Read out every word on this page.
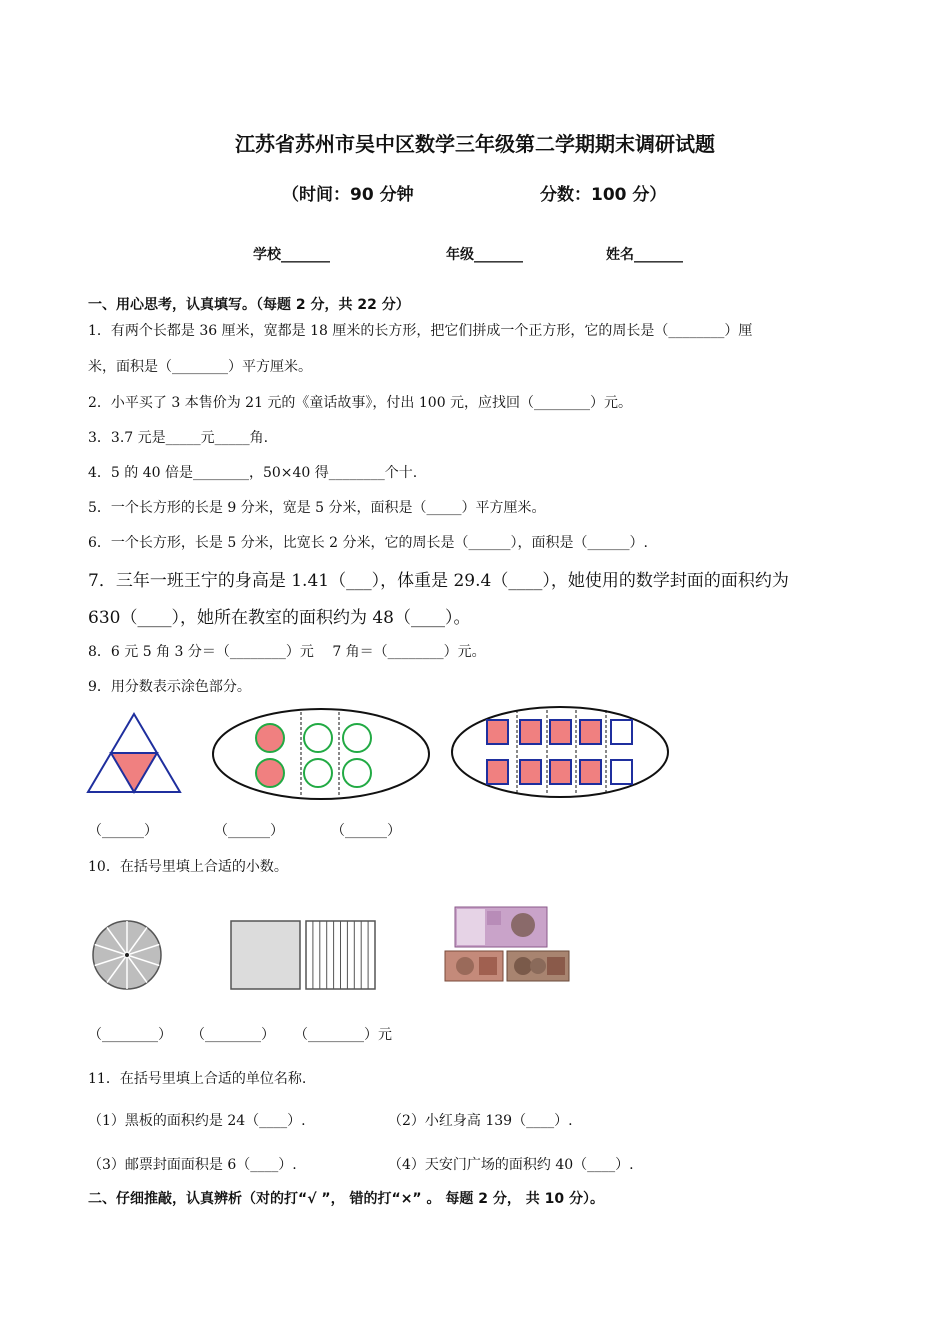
江苏省苏州市吴中区数学三年级第二学期期末调研试题
（时间：90 分钟	分数：100 分）
学校_______	年级_______	姓名_______
一、用心思考，认真填写。（每题 2 分，共 22 分）
1．有两个长都是 36 厘米，宽都是 18 厘米的长方形，把它们拼成一个正方形，它的周长是（________）厘
米，面积是（________）平方厘米。
2．小平买了 3 本售价为 21 元的《童话故事》，付出 100 元，应找回（________）元。
3．3.7 元是_____元_____角.
4．5 的 40 倍是________，50×40 得________个十.
5．一个长方形的长是 9 分米，宽是 5 分米，面积是（_____）平方厘米。
6．一个长方形，长是 5 分米，比宽长 2 分米，它的周长是（______），面积是（______）.
7．三年一班王宁的身高是 1.41（___），体重是 29.4（____），她使用的数学封面的面积约为
630（____），她所在教室的面积约为 48（____）。
8．6 元 5 角 3 分＝（________）元　 7 角＝（________）元。
9．用分数表示涂色部分。
（______）	（______）	（______）
10．在括号里填上合适的小数。
（________） （________） （________）元
11．在括号里填上合适的单位名称.
（1）黑板的面积约是 24（____）.	（2）小红身高 139（____）.
（3）邮票封面面积是 6（____）.	（4）天安门广场的面积约 40（____）.
二、仔细推敲，认真辨析（对的打“√ ”， 错的打“×” 。 每题 2 分， 共 10 分）。
